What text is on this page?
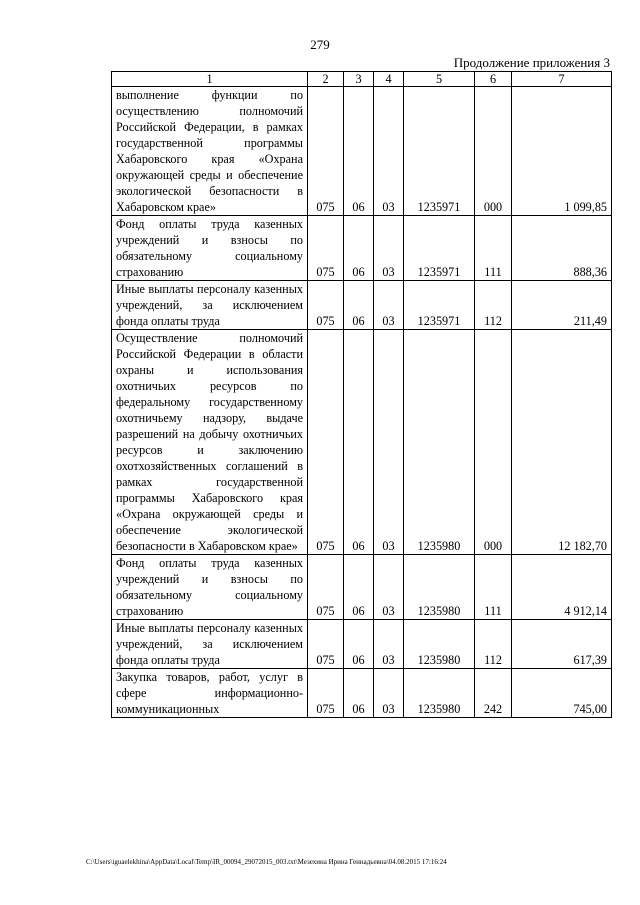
279
Продолжение приложения 3
1	2	3	4	5	6	7
выполнение функции по осуществлению полномочий Российской Федерации, в рамках государственной программы Хабаровского края «Охрана окружающей среды и обеспечение экологической безопасности в Хабаровском крае»	075	06	03	1235971	000	1 099,85
Фонд оплаты труда казенных учреждений и взносы по обязательному социальному страхованию	075	06	03	1235971	111	888,36
Иные выплаты персоналу казенных учреждений, за исключением фонда оплаты труда	075	06	03	1235971	112	211,49
Осуществление полномочий Российской Федерации в области охраны и использования охотничьих ресурсов по федеральному государственному охотничьему надзору, выдаче разрешений на добычу охотничьих ресурсов и заключению охотхозяйственных соглашений в рамках государственной программы Хабаровского края «Охрана окружающей среды и обеспечение экологической безопасности в Хабаровском крае»	075	06	03	1235980	000	12 182,70
Фонд оплаты труда казенных учреждений и взносы по обязательному социальному страхованию	075	06	03	1235980	111	4 912,14
Иные выплаты персоналу казенных учреждений, за исключением фонда оплаты труда	075	06	03	1235980	112	617,39
Закупка товаров, работ, услуг в сфере информационно-коммуникационных	075	06	03	1235980	242	745,00
C:\Users\iguaelekhina\AppData\Local\Temp\IR_00094_29072015_003.txt\Мезехина Ирина Геннадьевна\04.08.2015 17:16:24
